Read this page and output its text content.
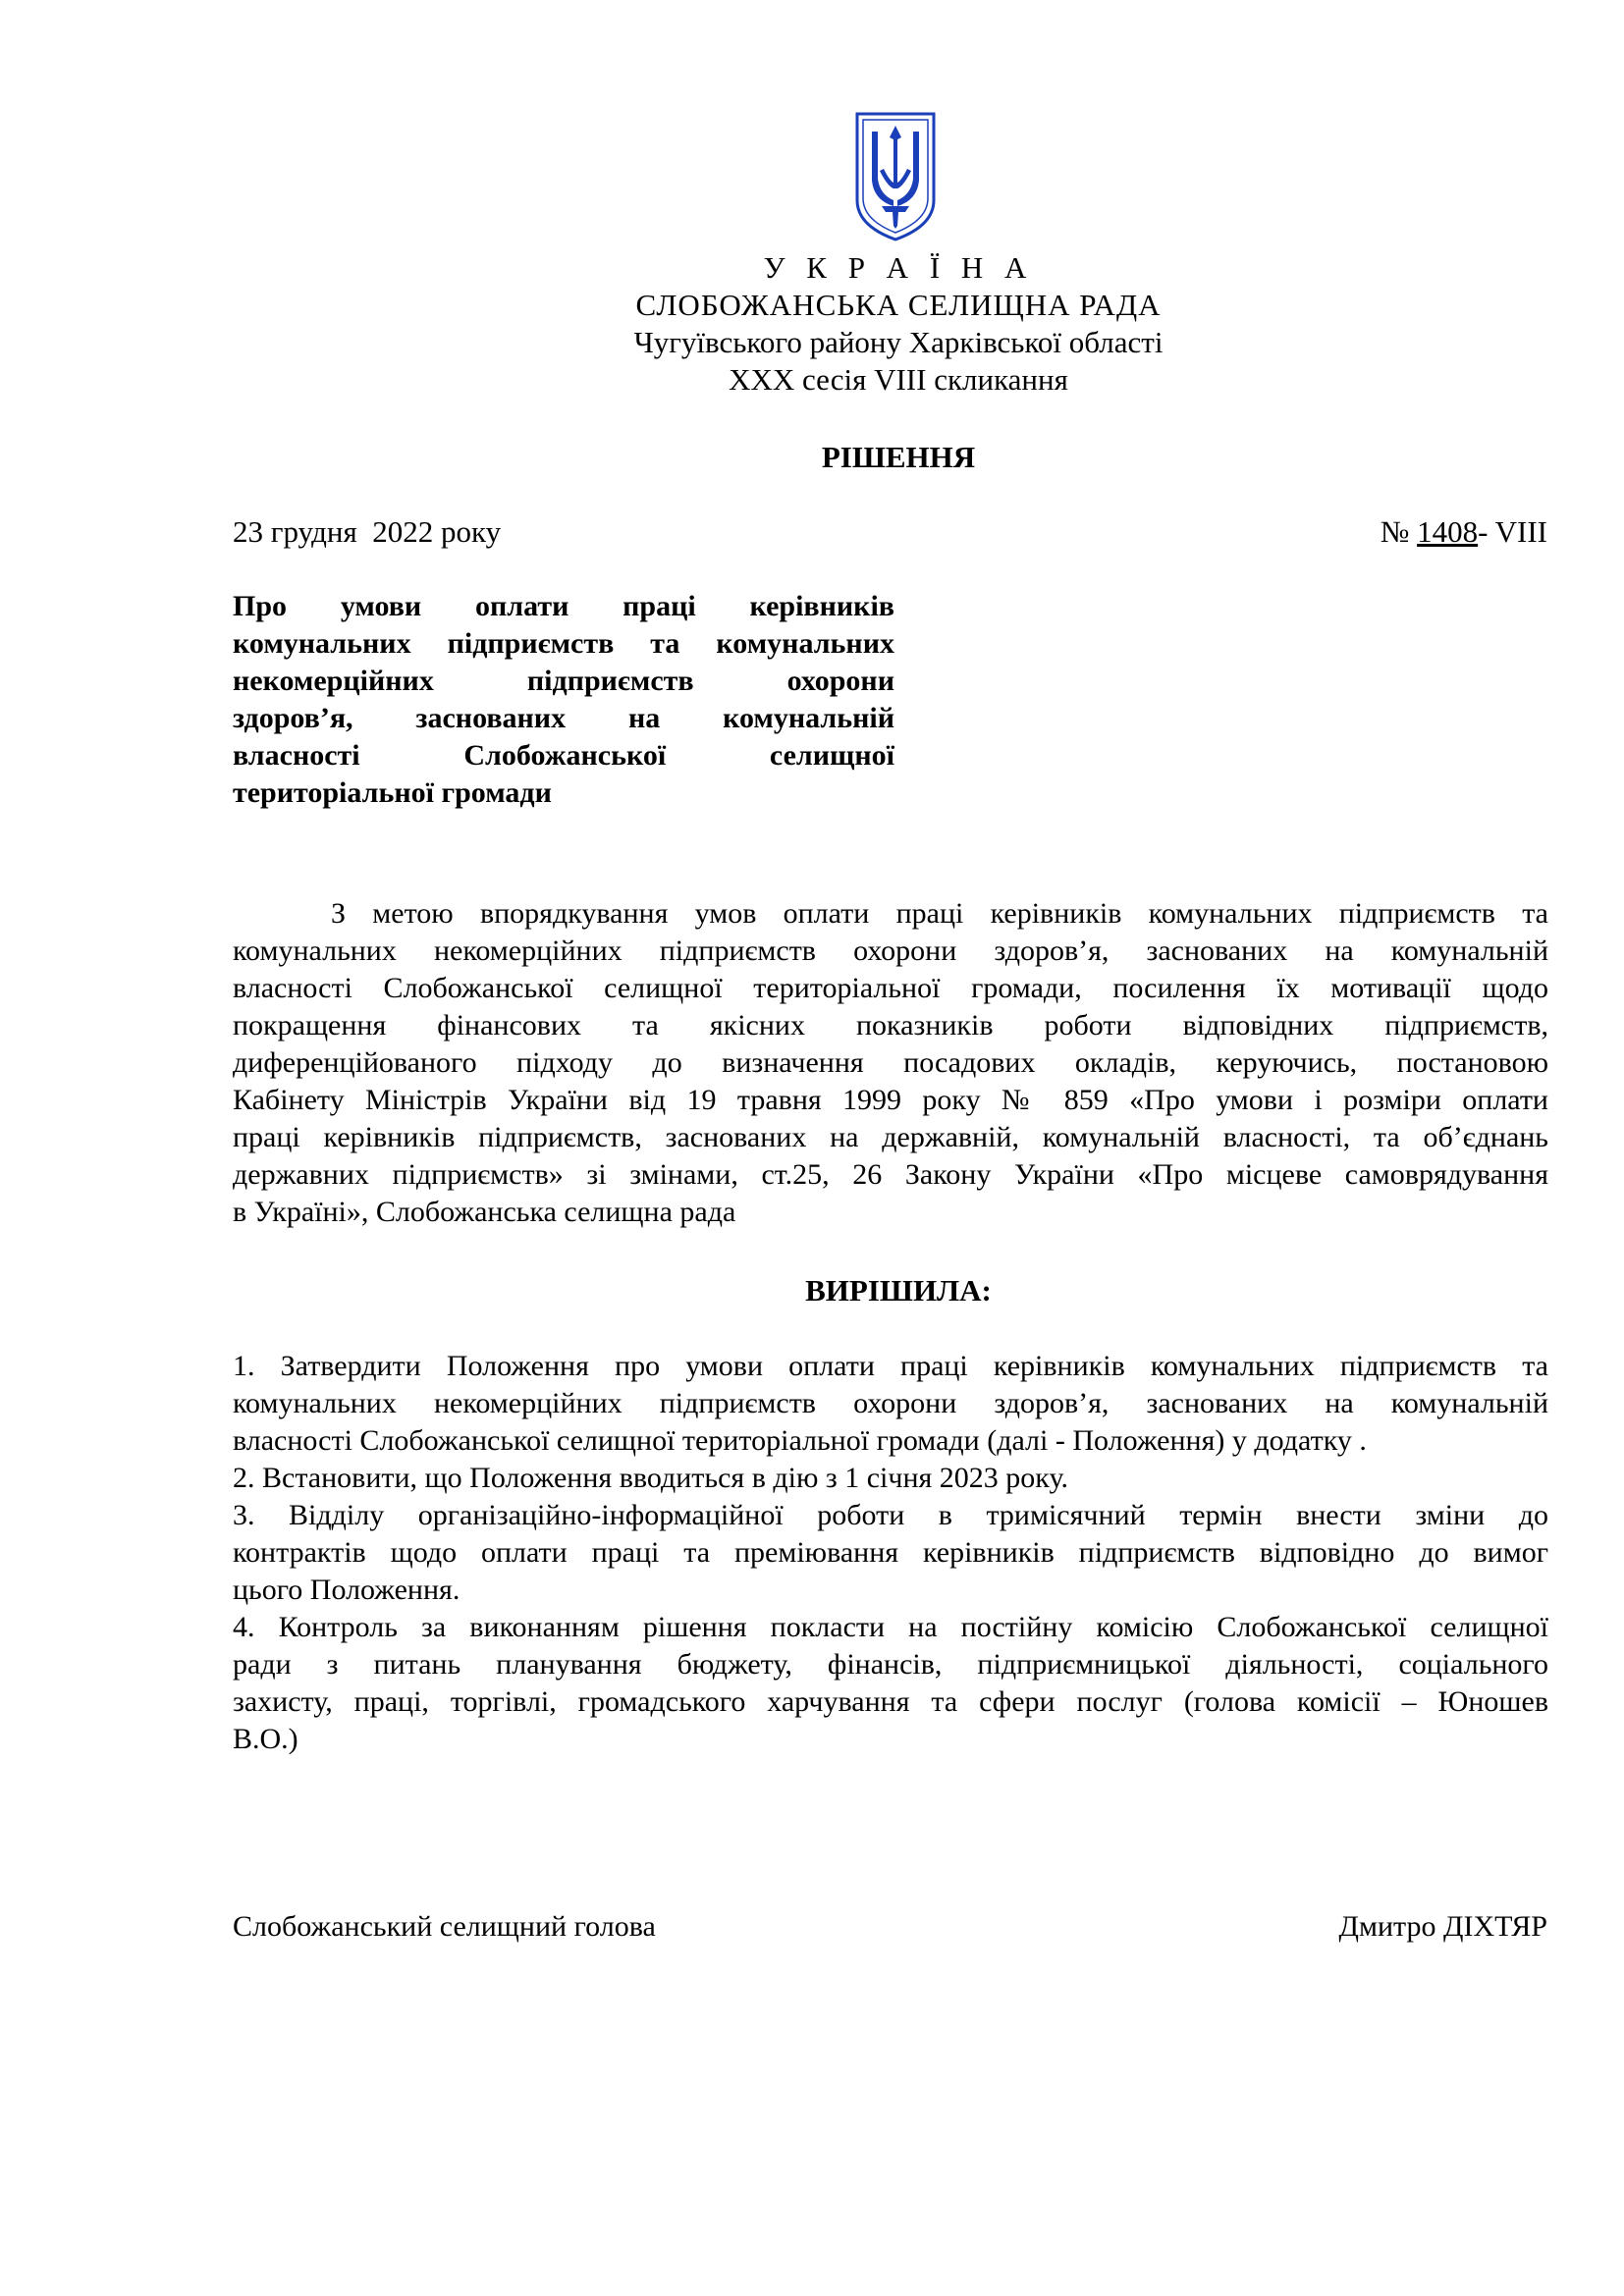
У К Р А Ї Н А
СЛОБОЖАНСЬКА СЕЛИЩНА РАДА
Чугуївського району Харківської області
XXX сесія VIII скликання
РІШЕННЯ
23 грудня  2022 року	№ 1408- VIII
Про умови оплати праці керівників
комунальних підприємств та комунальних
некомерційних підприємств охорони
здоров’я, заснованих на комунальній
власності Слобожанської селищної
територіальної громади
З метою впорядкування умов оплати праці керівників комунальних підприємств та
комунальних некомерційних підприємств охорони здоров’я, заснованих на комунальній
власності Слобожанської селищної територіальної громади, посилення їх мотивації щодо
покращення фінансових та якісних показників роботи відповідних підприємств,
диференційованого підходу до визначення посадових окладів, керуючись, постановою
Кабінету Міністрів України від 19 травня 1999 року № 859 «Про умови і розміри оплати
праці керівників підприємств, заснованих на державній, комунальній власності, та об’єднань
державних підприємств» зі змінами, ст.25, 26 Закону України «Про місцеве самоврядування
в Україні», Слобожанська селищна рада
ВИРІШИЛА:
1. Затвердити Положення про умови оплати праці керівників комунальних підприємств та
комунальних некомерційних підприємств охорони здоров’я, заснованих на комунальній
власності Слобожанської селищної територіальної громади (далі - Положення) у додатку .
2. Встановити, що Положення вводиться в дію з 1 січня 2023 року.
3. Відділу організаційно-інформаційної роботи в тримісячний термін внести зміни до
контрактів щодо оплати праці та преміювання керівників підприємств відповідно до вимог
цього Положення.
4. Контроль за виконанням рішення покласти на постійну комісію Слобожанської селищної
ради з питань планування бюджету, фінансів, підприємницької діяльності, соціального
захисту, праці, торгівлі, громадського харчування та сфери послуг (голова комісії – Юношев
В.О.)
Слобожанський селищний голова	Дмитро ДІХТЯР
